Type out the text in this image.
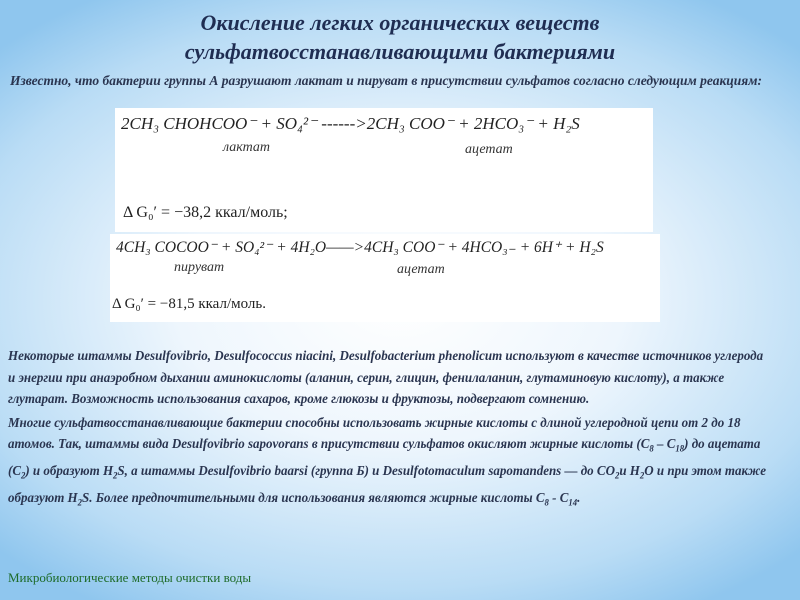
Окисление легких органических веществ
сульфатвосстанавливающими бактериями
Известно, что бактерии группы А разрушают лактат и пируват в присутствии сульфатов согласно следующим реакциям:
2CH₃ CHOHCOO⁻ + SO₄²⁻ ------>2CH₃ COO⁻ + 2HCO₃⁻ + H₂S
лактат	ацетат
Δ G₀′ = −38,2 ккал/моль;
4CH₃ COCOO⁻ + SO₄²⁻ + 4H₂O——>4CH₃ COO⁻ + 4HCO₃₋ + 6H⁺ + H₂S
пируват	ацетат
Δ G₀′ = −81,5 ккал/моль.

Некоторые штаммы Desulfovibrio, Desulfococcus niacini, Desulfobacterium phenolicum используют в качестве источников углерода и энергии при анаэробном дыхании аминокислоты (аланин, серин, глицин, фенилаланин, глутаминовую кислоту), а также глутарат. Возможность использования сахаров, кроме глюкозы и фруктозы, подвергают сомнению.

Многие сульфатвосстанавливающие бактерии способны использовать жирные кислоты с длиной углеродной цепи от 2 до 18 атомов. Так, штаммы вида Desulfovibrio sapovorans в присутствии сульфатов окисляют жирные кислоты $(C_8 - C_{18})$ до ацетата $(C_2)$ и образуют $H_2S$, а штаммы Desulfovibrio baarsi (группа Б) и Desulfotomaculum sapomandens — до $CO_2и$ $H_2O$ и при этом также образуют $H_2S$. Более предпочтительными для использования являются жирные кислоты $C_8 - C_{14}$.

Микробиологические методы очистки воды
